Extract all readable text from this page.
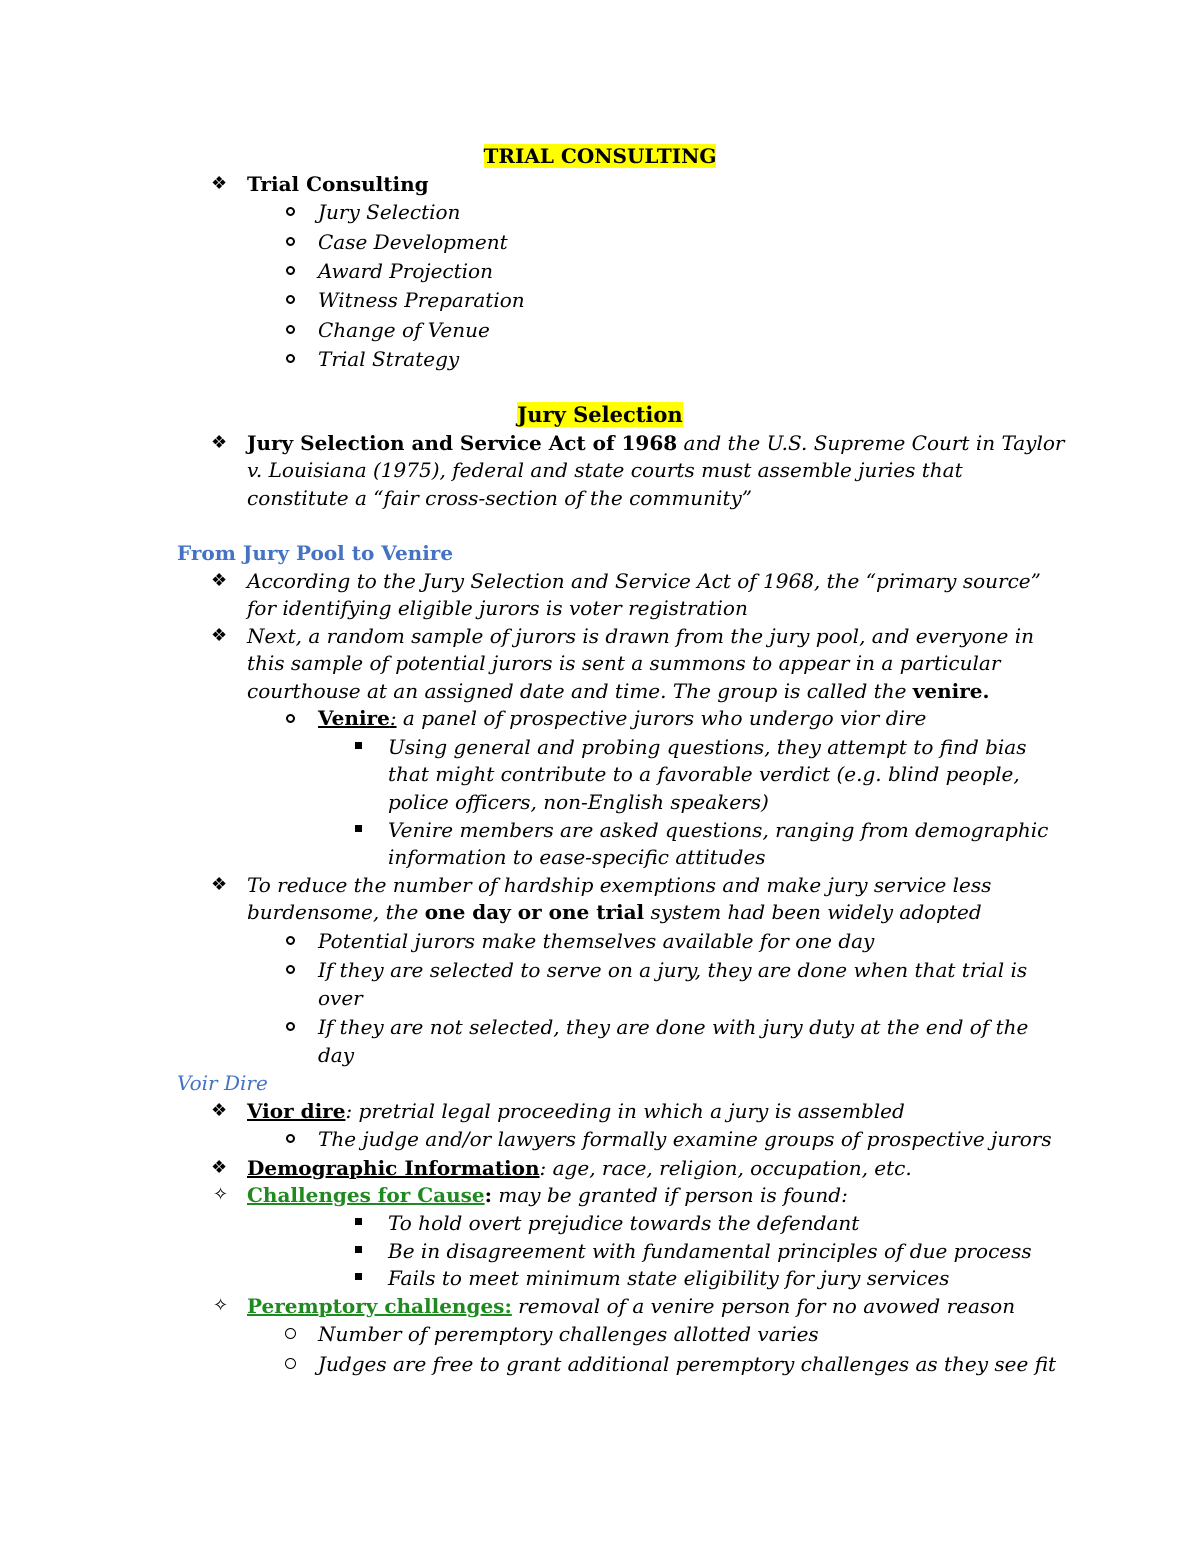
TRIAL CONSULTING
❖ Trial Consulting
Jury Selection
Case Development
Award Projection
Witness Preparation
Change of Venue
Trial Strategy
Jury Selection
❖ Jury Selection and Service Act of 1968 and the U.S. Supreme Court in Taylor
v. Louisiana (1975), federal and state courts must assemble juries that
constitute a “fair cross-section of the community”
From Jury Pool to Venire
❖ According to the Jury Selection and Service Act of 1968, the “primary source”
for identifying eligible jurors is voter registration
❖ Next, a random sample of jurors is drawn from the jury pool, and everyone in
this sample of potential jurors is sent a summons to appear in a particular
courthouse at an assigned date and time. The group is called the venire.
Venire: a panel of prospective jurors who undergo vior dire
Using general and probing questions, they attempt to find bias
that might contribute to a favorable verdict (e.g. blind people,
police officers, non-English speakers)
Venire members are asked questions, ranging from demographic
information to ease-specific attitudes
❖ To reduce the number of hardship exemptions and make jury service less
burdensome, the one day or one trial system had been widely adopted
Potential jurors make themselves available for one day
If they are selected to serve on a jury, they are done when that trial is
over
If they are not selected, they are done with jury duty at the end of the
day
Voir Dire
❖ Vior dire: pretrial legal proceeding in which a jury is assembled
The judge and/or lawyers formally examine groups of prospective jurors
❖ Demographic Information: age, race, religion, occupation, etc.
✧ Challenges for Cause: may be granted if person is found:
To hold overt prejudice towards the defendant
Be in disagreement with fundamental principles of due process
Fails to meet minimum state eligibility for jury services
✧ Peremptory challenges: removal of a venire person for no avowed reason
Number of peremptory challenges allotted varies
Judges are free to grant additional peremptory challenges as they see fit
